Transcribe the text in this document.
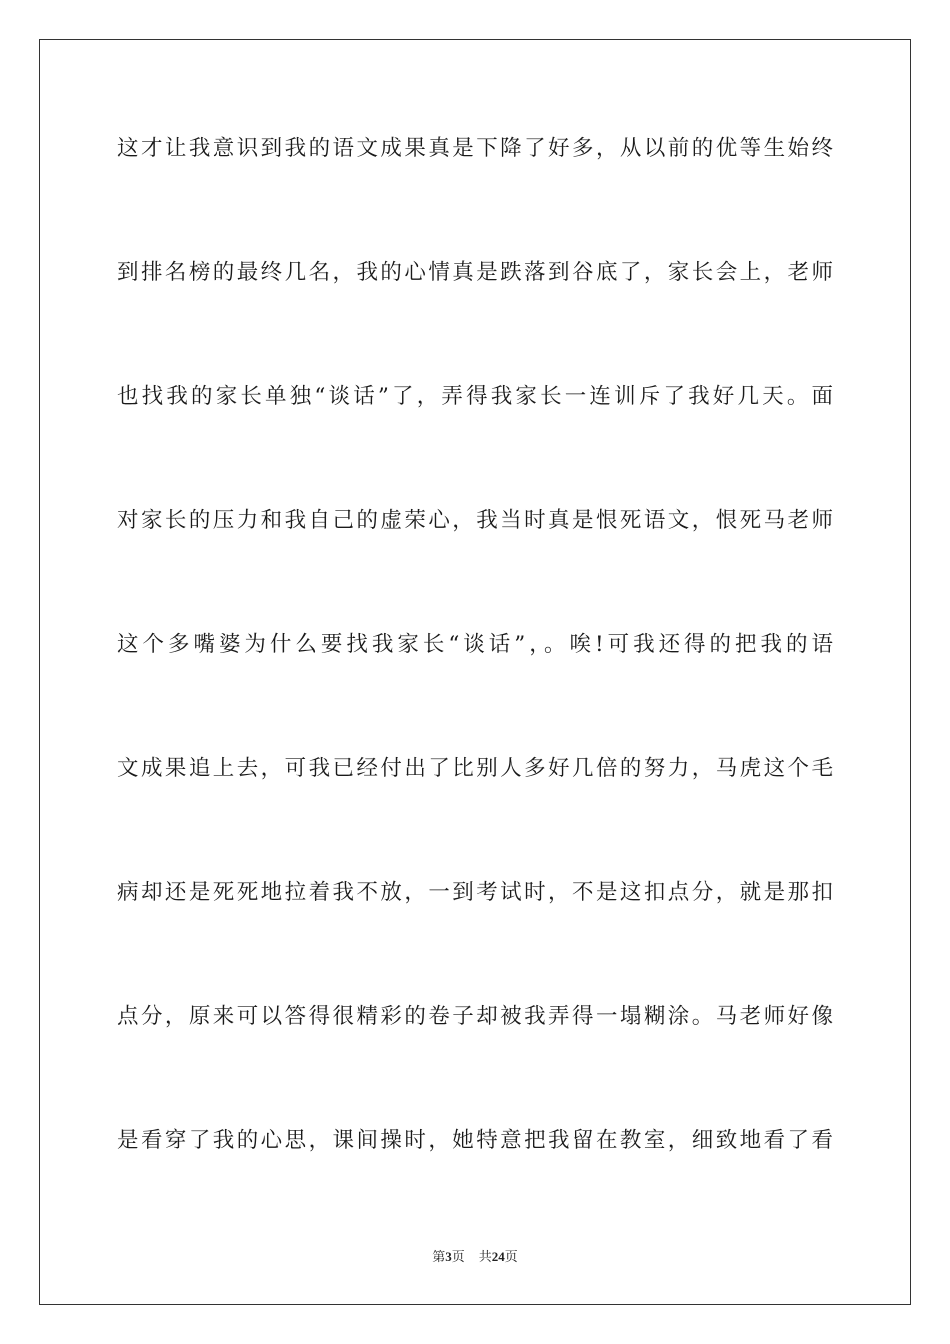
这才让我意识到我的语文成果真是下降了好多，从以前的优等生始终
到排名榜的最终几名，我的心情真是跌落到谷底了，家长会上，老师
也找我的家长单独“谈话”了，弄得我家长一连训斥了我好几天。面
对家长的压力和我自己的虚荣心，我当时真是恨死语文，恨死马老师
这个多嘴婆为什么要找我家长“谈话”，。唉!可我还得的把我的语
文成果追上去，可我已经付出了比别人多好几倍的努力，马虎这个毛
病却还是死死地拉着我不放，一到考试时，不是这扣点分，就是那扣
点分，原来可以答得很精彩的卷子却被我弄得一塌糊涂。马老师好像
是看穿了我的心思，课间操时，她特意把我留在教室，细致地看了看
第3页 共24页
